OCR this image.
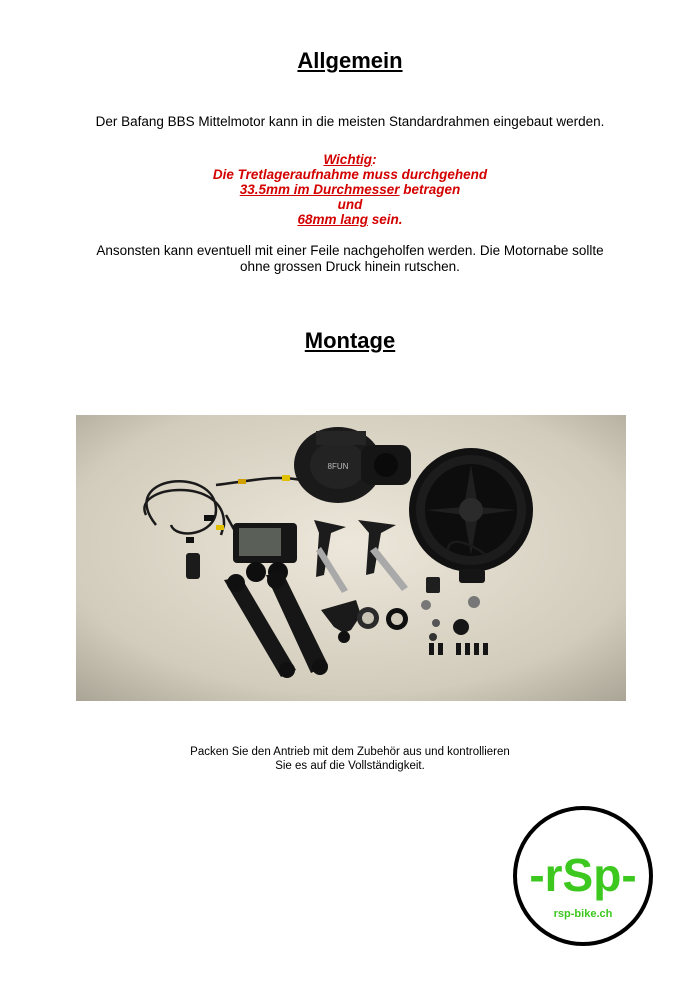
Allgemein
Der Bafang BBS Mittelmotor kann in die meisten Standardrahmen eingebaut werden.
Wichtig:
Die Tretlageraufnahme muss durchgehend
33.5mm im Durchmesser betragen
und
68mm lang sein.
Ansonsten kann eventuell mit einer Feile nachgeholfen werden. Die Motornabe sollte
ohne grossen Druck hinein rutschen.
Montage
8FUN
Packen Sie den Antrieb mit dem Zubehör aus und kontrollieren
Sie es auf die Vollständigkeit.
-rSp-
rsp-bike.ch
